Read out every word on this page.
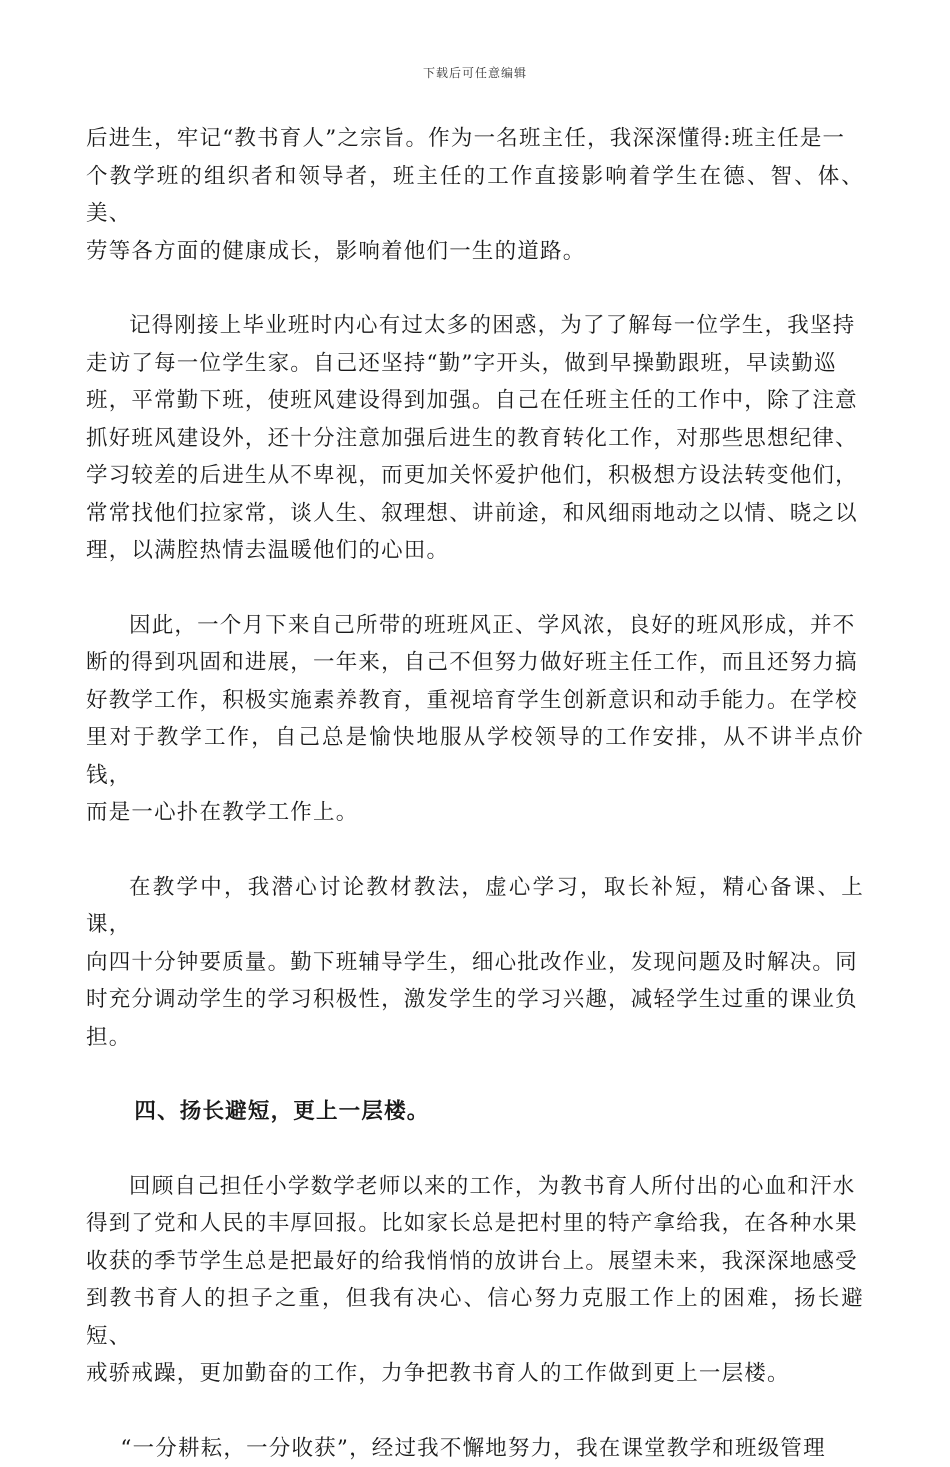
下载后可任意编辑

后进生，牢记“教书育人”之宗旨。作为一名班主任，我深深懂得:班主任是一
个教学班的组织者和领导者，班主任的工作直接影响着学生在德、智、体、美、
劳等各方面的健康成长，影响着他们一生的道路。

记得刚接上毕业班时内心有过太多的困惑，为了了解每一位学生，我坚持
走访了每一位学生家。自己还坚持“勤”字开头，做到早操勤跟班，早读勤巡
班，平常勤下班，使班风建设得到加强。自己在任班主任的工作中，除了注意
抓好班风建设外，还十分注意加强后进生的教育转化工作，对那些思想纪律、
学习较差的后进生从不卑视，而更加关怀爱护他们，积极想方设法转变他们，
常常找他们拉家常，谈人生、叙理想、讲前途，和风细雨地动之以情、晓之以
理，以满腔热情去温暖他们的心田。

因此，一个月下来自己所带的班班风正、学风浓，良好的班风形成，并不
断的得到巩固和进展，一年来，自己不但努力做好班主任工作，而且还努力搞
好教学工作，积极实施素养教育，重视培育学生创新意识和动手能力。在学校
里对于教学工作，自己总是愉快地服从学校领导的工作安排，从不讲半点价钱，
而是一心扑在教学工作上。

在教学中，我潜心讨论教材教法，虚心学习，取长补短，精心备课、上课，
向四十分钟要质量。勤下班辅导学生，细心批改作业，发现问题及时解决。同
时充分调动学生的学习积极性，激发学生的学习兴趣，减轻学生过重的课业负
担。

四、扬长避短，更上一层楼。

回顾自己担任小学数学老师以来的工作，为教书育人所付出的心血和汗水
得到了党和人民的丰厚回报。比如家长总是把村里的特产拿给我，在各种水果
收获的季节学生总是把最好的给我悄悄的放讲台上。展望未来，我深深地感受
到教书育人的担子之重，但我有决心、信心努力克服工作上的困难，扬长避短、
戒骄戒躁，更加勤奋的工作，力争把教书育人的工作做到更上一层楼。

“一分耕耘，一分收获”，经过我不懈地努力，我在课堂教学和班级管理
